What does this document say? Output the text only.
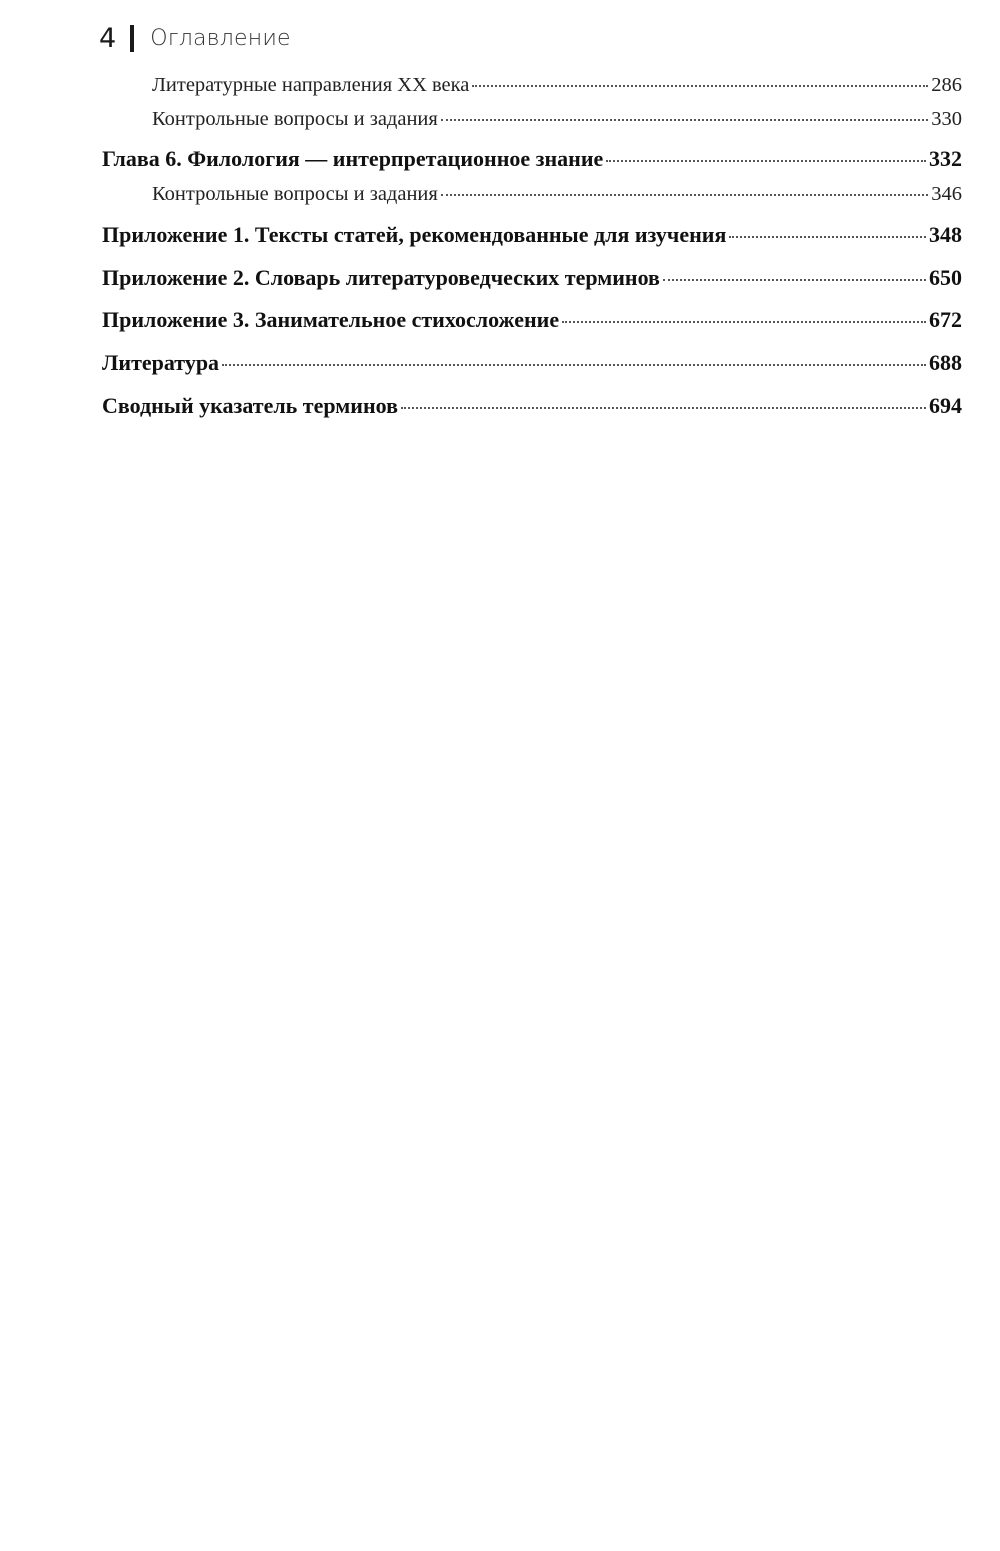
4 Оглавление
Литературные направления XX века	286
Контрольные вопросы и задания	330
Глава 6. Филология — интерпретационное знание	332
Контрольные вопросы и задания	346
Приложение 1. Тексты статей, рекомендованные для изучения	348
Приложение 2. Словарь литературоведческих терминов	650
Приложение 3. Занимательное стихосложение	672
Литература	688
Сводный указатель терминов	694
